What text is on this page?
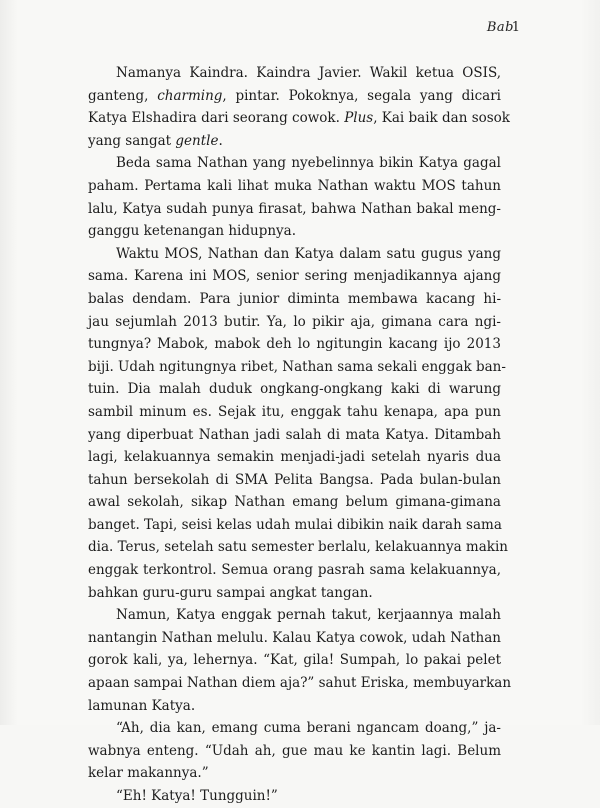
Bab
1
Namanya Kaindra. Kaindra Javier. Wakil ketua OSIS,
ganteng, charming, pintar. Pokoknya, segala yang dicari
Katya Elshadira dari seorang cowok. Plus, Kai baik dan sosok
yang sangat gentle.
Beda sama Nathan yang nyebelinnya bikin Katya gagal
paham. Pertama kali lihat muka Nathan waktu MOS tahun
lalu, Katya sudah punya firasat, bahwa Nathan bakal meng-
ganggu ketenangan hidupnya.
Waktu MOS, Nathan dan Katya dalam satu gugus yang
sama. Karena ini MOS, senior sering menjadikannya ajang
balas dendam. Para junior diminta membawa kacang hi-
jau sejumlah 2013 butir. Ya, lo pikir aja, gimana cara ngi-
tungnya? Mabok, mabok deh lo ngitungin kacang ijo 2013
biji. Udah ngitungnya ribet, Nathan sama sekali enggak ban-
tuin. Dia malah duduk ongkang-ongkang kaki di warung
sambil minum es. Sejak itu, enggak tahu kenapa, apa pun
yang diperbuat Nathan jadi salah di mata Katya. Ditambah
lagi, kelakuannya semakin menjadi-jadi setelah nyaris dua
tahun bersekolah di SMA Pelita Bangsa. Pada bulan-bulan
awal sekolah, sikap Nathan emang belum gimana-gimana
banget. Tapi, seisi kelas udah mulai dibikin naik darah sama
dia. Terus, setelah satu semester berlalu, kelakuannya makin
enggak terkontrol. Semua orang pasrah sama kelakuannya,
bahkan guru-guru sampai angkat tangan.
Namun, Katya enggak pernah takut, kerjaannya malah
nantangin Nathan melulu. Kalau Katya cowok, udah Nathan
gorok kali, ya, lehernya. “Kat, gila! Sumpah, lo pakai pelet
apaan sampai Nathan diem aja?” sahut Eriska, membuyarkan
lamunan Katya.
“Ah, dia kan, emang cuma berani ngancam doang,” ja-
wabnya enteng. “Udah ah, gue mau ke kantin lagi. Belum
kelar makannya.”
“Eh! Katya! Tungguin!”
